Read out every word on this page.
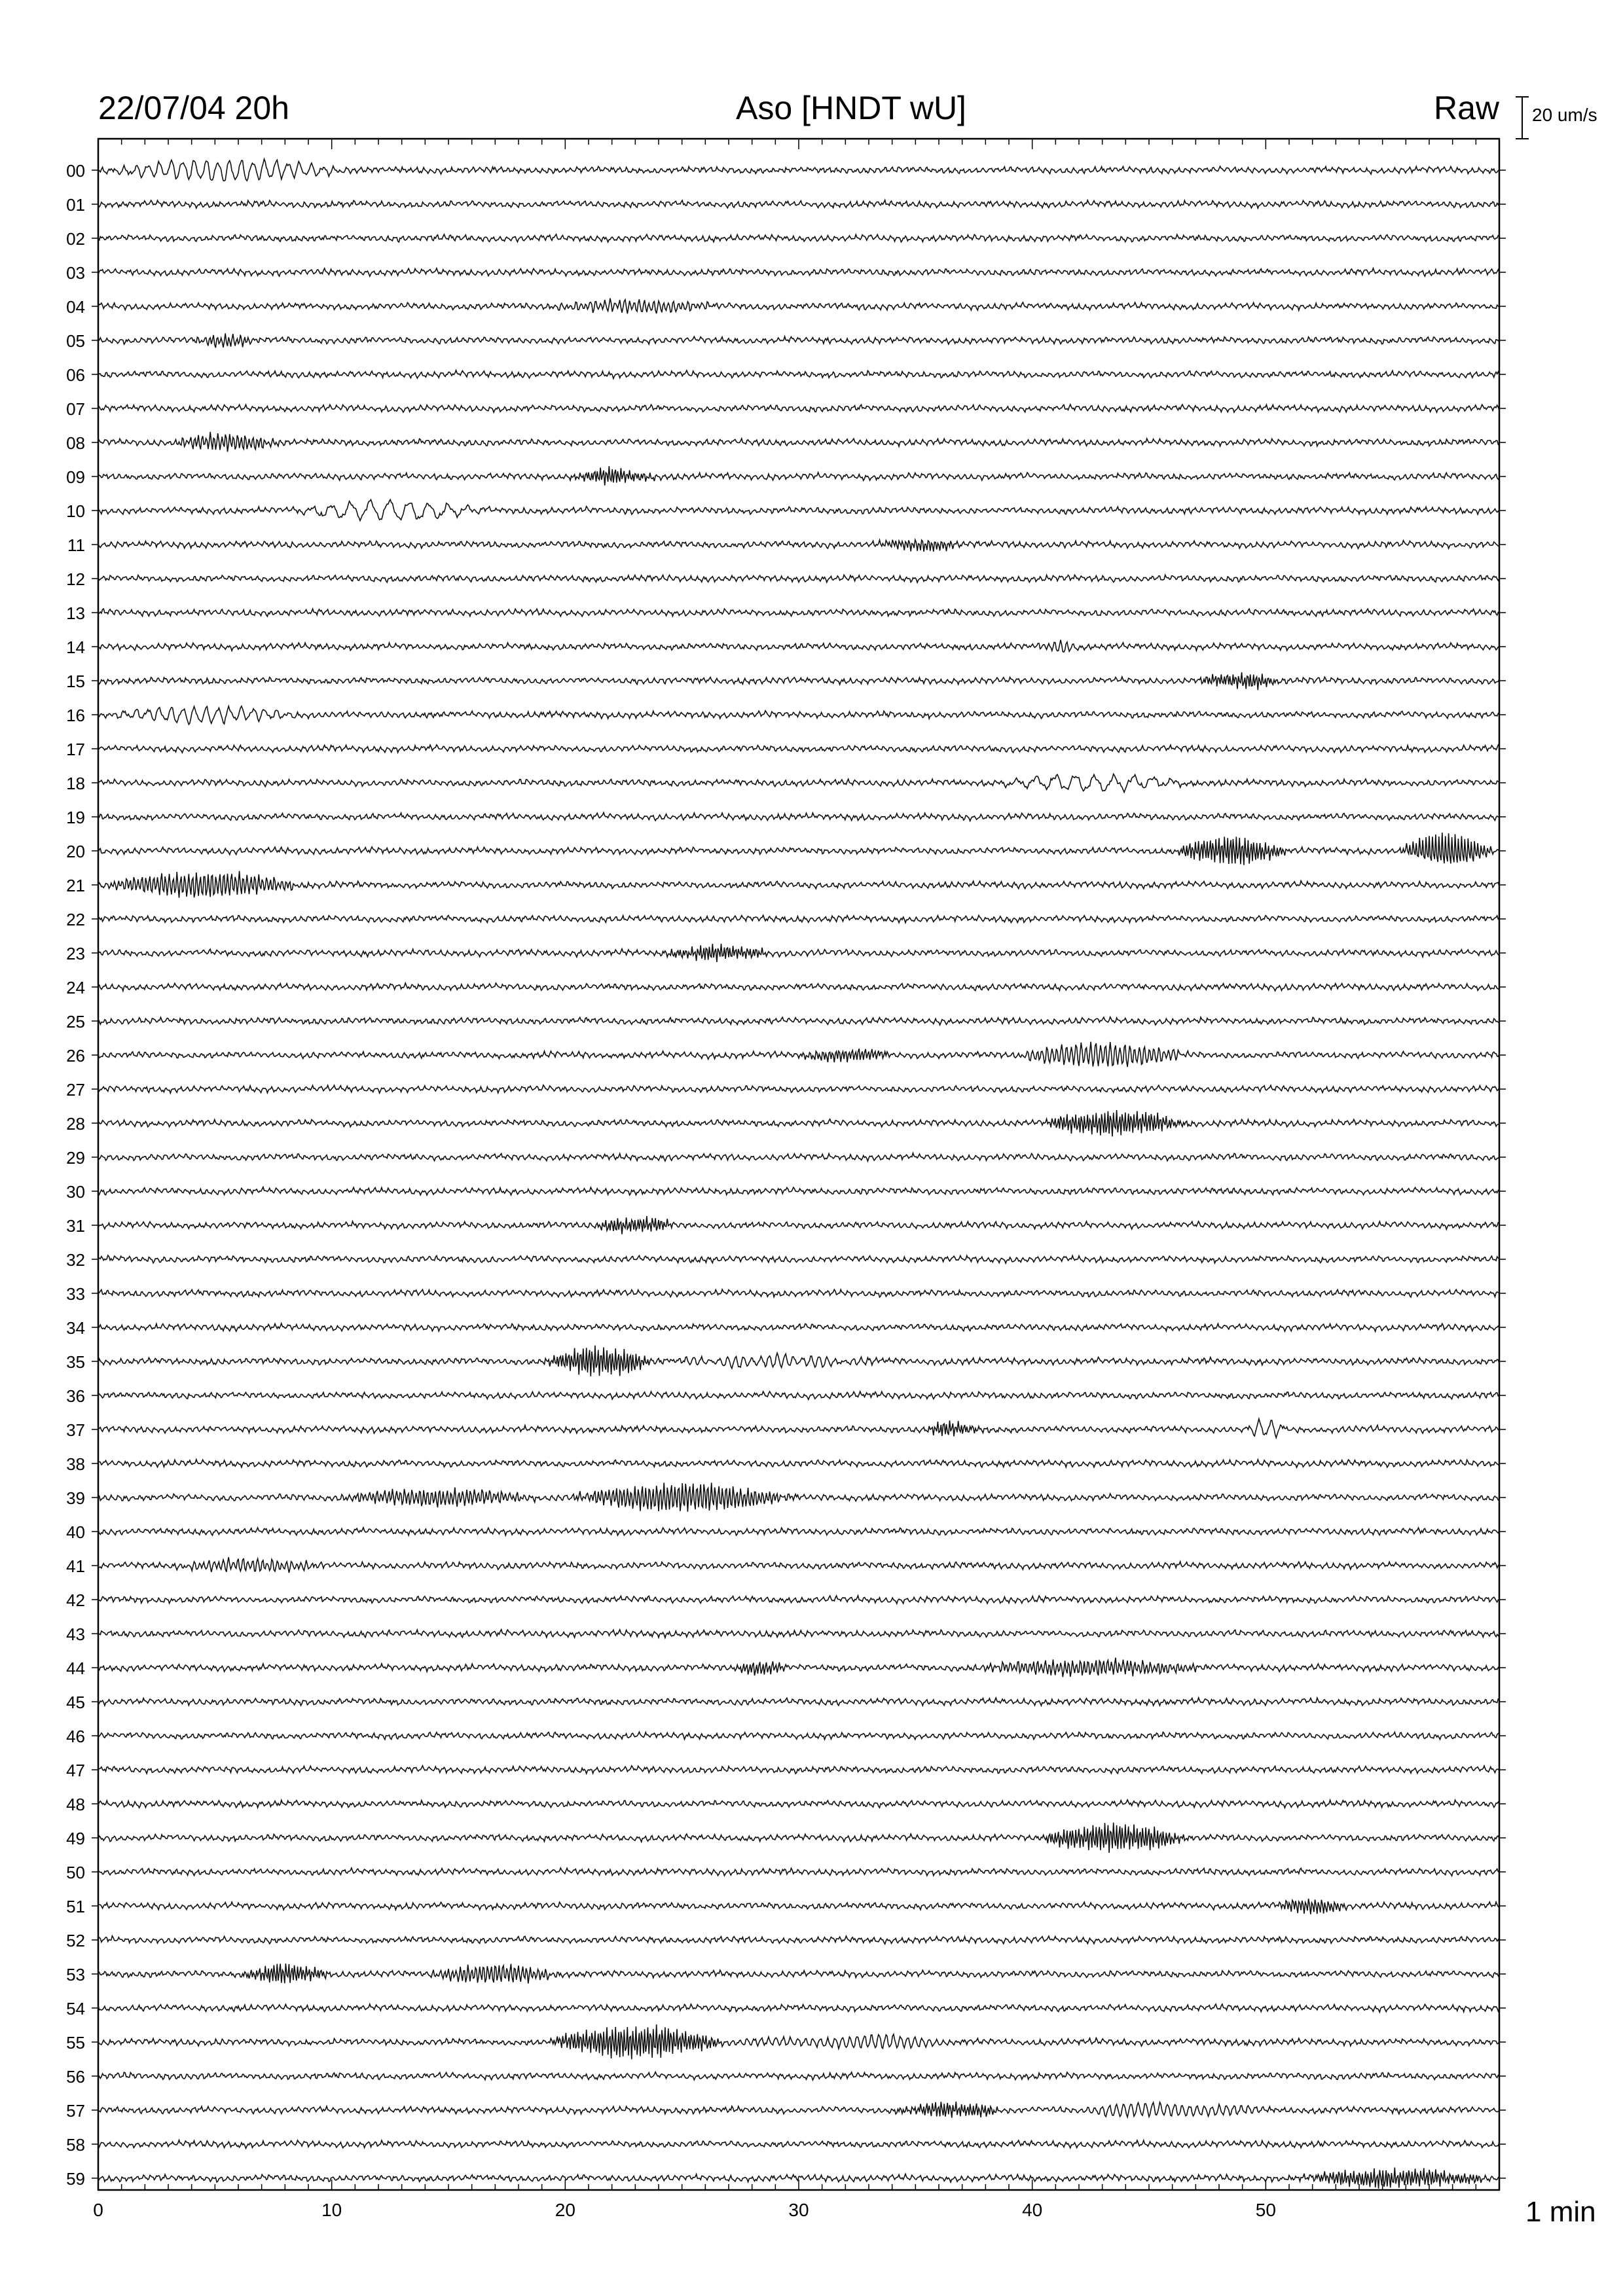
22/07/04 20h	Aso [HNDT wU]	Raw 20 um/s
1 min
0	10	20	30	40	50
00
01
02
03
04
05
06
07
08
09
10
11
12
13
14
15
16
17
18
19
20
21
22
23
24
25
26
27
28
29
30
31
32
33
34
35
36
37
38
39
40
41
42
43
44
45
46
47
48
49
50
51
52
53
54
55
56
57
58
59
